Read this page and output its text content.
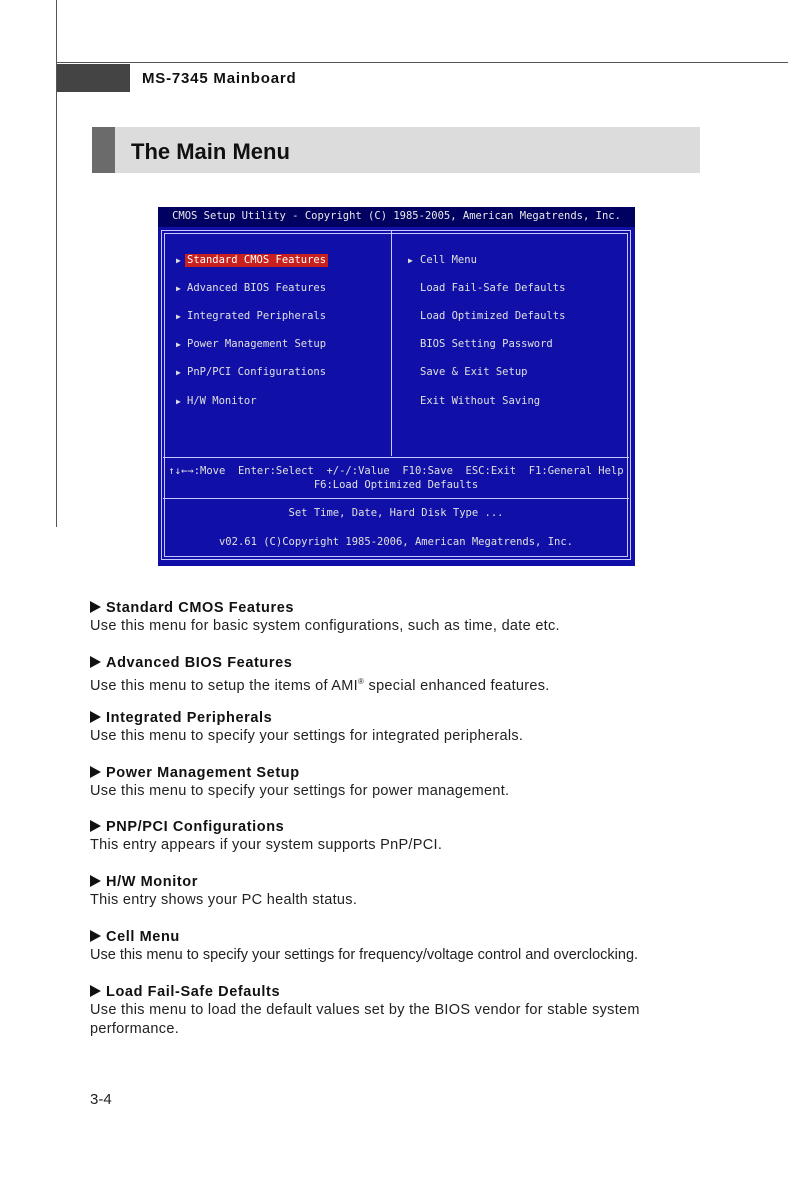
MS-7345 Mainboard
The Main Menu
CMOS Setup Utility - Copyright (C) 1985-2005, American Megatrends, Inc.
▶ Standard CMOS Features
▶ Advanced BIOS Features
▶ Integrated Peripherals
▶ Power Management Setup
▶ PnP/PCI Configurations
▶ H/W Monitor
▶ Cell Menu
Load Fail-Safe Defaults
Load Optimized Defaults
BIOS Setting Password
Save & Exit Setup
Exit Without Saving
↑↓←→:Move  Enter:Select  +/-/:Value  F10:Save  ESC:Exit  F1:General Help
F6:Load Optimized Defaults
Set Time, Date, Hard Disk Type ...
v02.61 (C)Copyright 1985-2006, American Megatrends, Inc.
Standard CMOS Features
Use this menu for basic system configurations, such as time, date etc.
Advanced BIOS Features
Use this menu to setup the items of AMI® special enhanced features.
Integrated Peripherals
Use this menu to specify your settings for integrated peripherals.
Power Management Setup
Use this menu to specify your settings for power management.
PNP/PCI Configurations
This entry appears if your system supports PnP/PCI.
H/W Monitor
This entry shows your PC health status.
Cell Menu
Use this menu to specify your settings for frequency/voltage control and overclocking.
Load Fail-Safe Defaults
Use this menu to load the default values set by the BIOS vendor for stable system performance.
3-4
